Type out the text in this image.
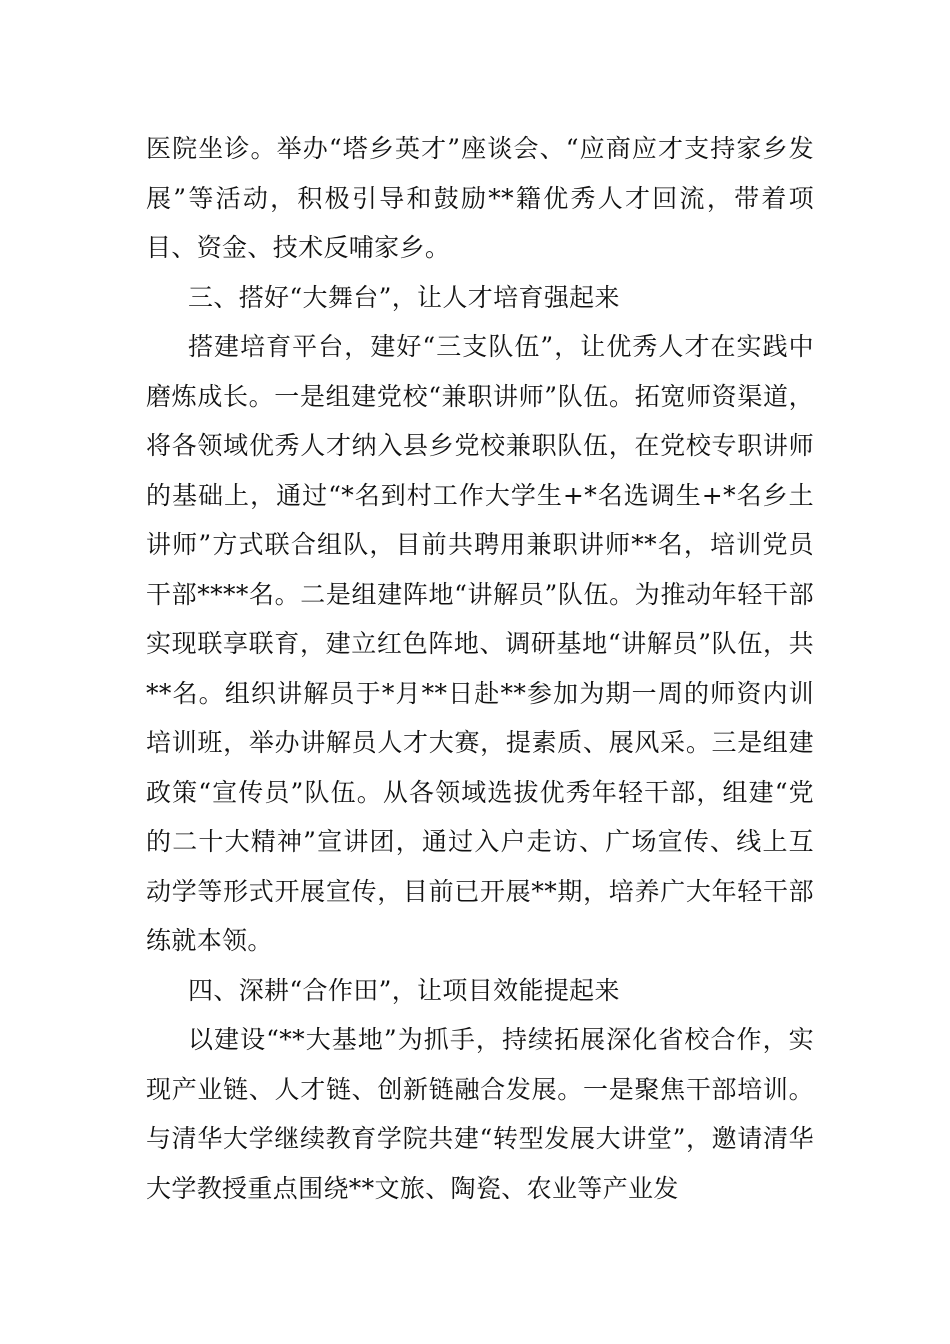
医院坐诊。举办“塔乡英才”座谈会、“应商应才支持家乡发展”等活动，积极引导和鼓励**籍优秀人才回流，带着项目、资金、技术反哺家乡。

三、搭好“大舞台”，让人才培育强起来

搭建培育平台，建好“三支队伍”，让优秀人才在实践中磨炼成长。一是组建党校“兼职讲师”队伍。拓宽师资渠道，将各领域优秀人才纳入县乡党校兼职队伍，在党校专职讲师的基础上，通过“*名到村工作大学生+*名选调生+*名乡土讲师”方式联合组队，目前共聘用兼职讲师**名，培训党员干部****名。二是组建阵地“讲解员”队伍。为推动年轻干部实现联享联育，建立红色阵地、调研基地“讲解员”队伍，共**名。组织讲解员于*月**日赴**参加为期一周的师资内训培训班，举办讲解员人才大赛，提素质、展风采。三是组建政策“宣传员”队伍。从各领域选拔优秀年轻干部，组建“党的二十大精神”宣讲团，通过入户走访、广场宣传、线上互动学等形式开展宣传，目前已开展**期，培养广大年轻干部练就本领。

四、深耕“合作田”，让项目效能提起来

以建设“**大基地”为抓手，持续拓展深化省校合作，实现产业链、人才链、创新链融合发展。一是聚焦干部培训。与清华大学继续教育学院共建“转型发展大讲堂”，邀请清华大学教授重点围绕**文旅、陶瓷、农业等产业发
